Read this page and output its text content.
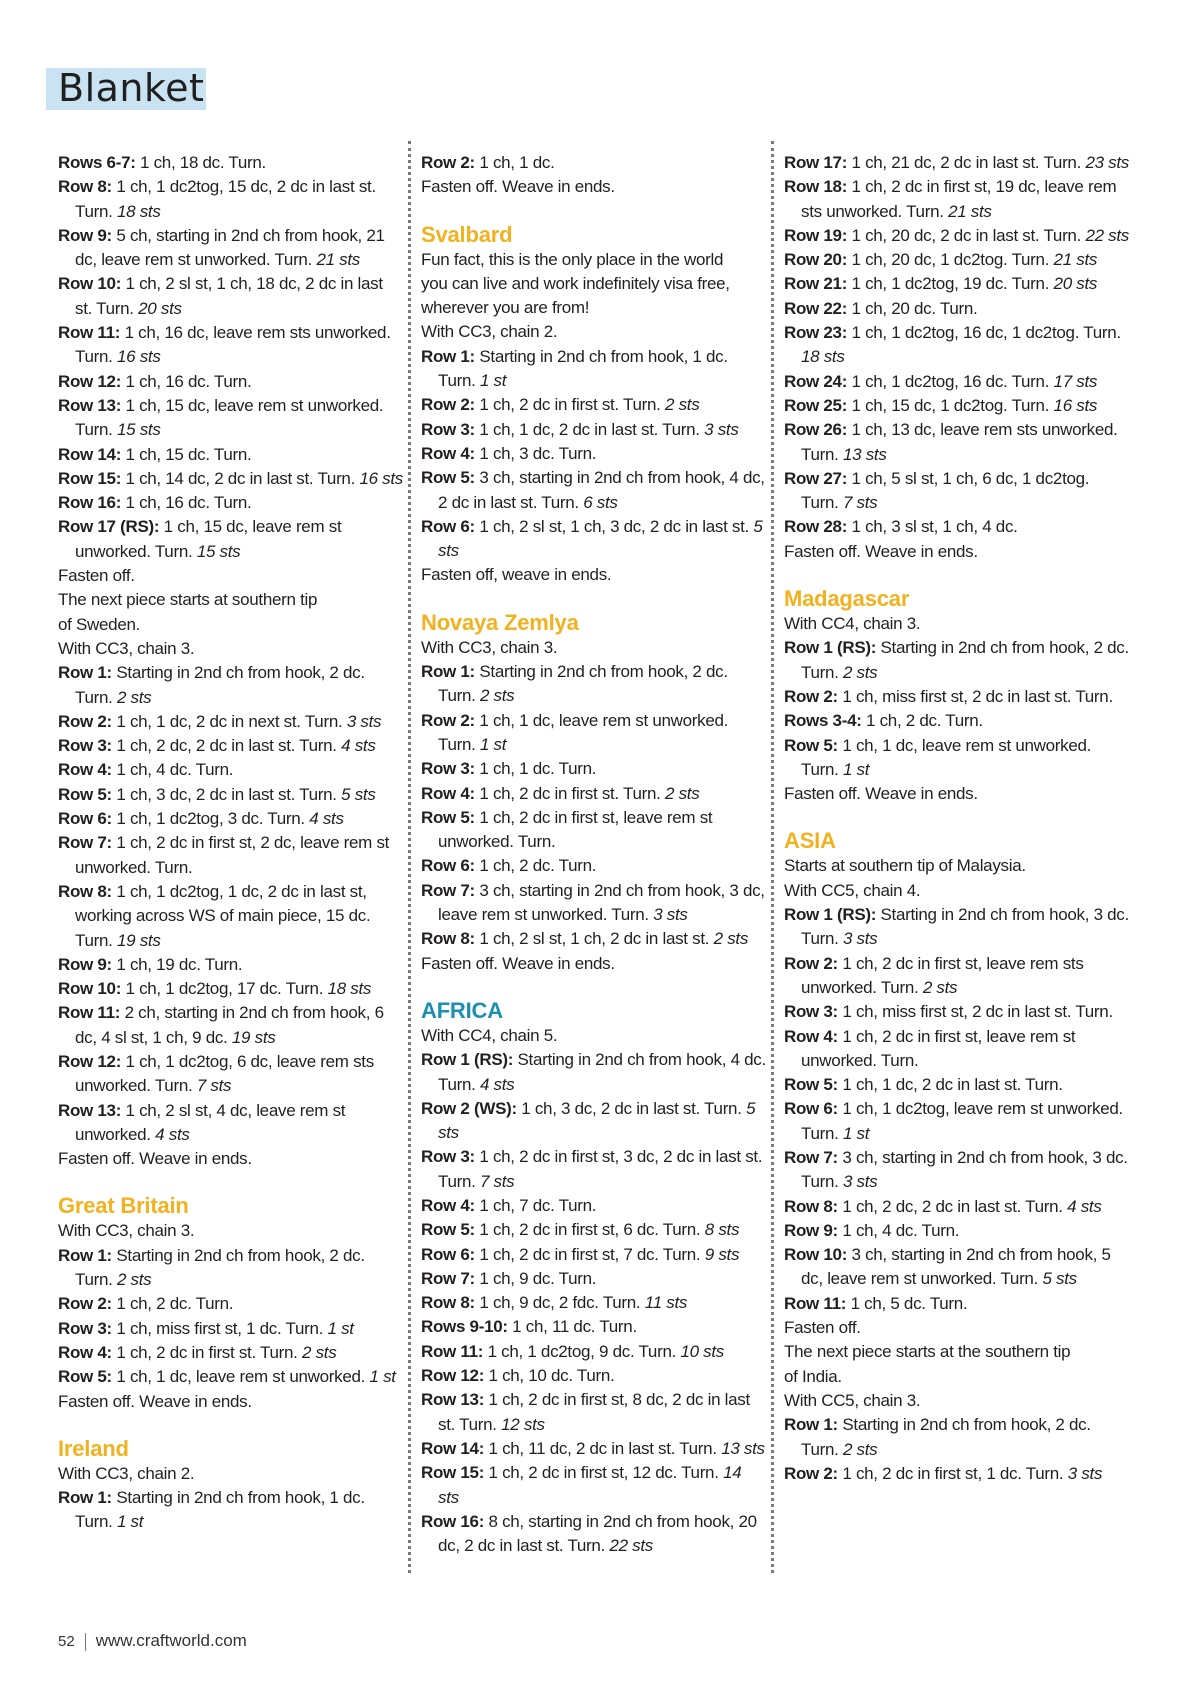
Blanket
Rows 6-7: 1 ch, 18 dc. Turn.
Row 8: 1 ch, 1 dc2tog, 15 dc, 2 dc in last st. Turn. 18 sts
Row 9: 5 ch, starting in 2nd ch from hook, 21 dc, leave rem st unworked. Turn. 21 sts
Row 10: 1 ch, 2 sl st, 1 ch, 18 dc, 2 dc in last st. Turn. 20 sts
Row 11: 1 ch, 16 dc, leave rem sts unworked. Turn. 16 sts
Row 12: 1 ch, 16 dc. Turn.
Row 13: 1 ch, 15 dc, leave rem st unworked. Turn. 15 sts
Row 14: 1 ch, 15 dc. Turn.
Row 15: 1 ch, 14 dc, 2 dc in last st. Turn. 16 sts
Row 16: 1 ch, 16 dc. Turn.
Row 17 (RS): 1 ch, 15 dc, leave rem st unworked. Turn. 15 sts
Fasten off.
The next piece starts at southern tip
of Sweden.
With CC3, chain 3.
Row 1: Starting in 2nd ch from hook, 2 dc. Turn. 2 sts
Row 2: 1 ch, 1 dc, 2 dc in next st. Turn. 3 sts
Row 3: 1 ch, 2 dc, 2 dc in last st. Turn. 4 sts
Row 4: 1 ch, 4 dc. Turn.
Row 5: 1 ch, 3 dc, 2 dc in last st. Turn. 5 sts
Row 6: 1 ch, 1 dc2tog, 3 dc. Turn. 4 sts
Row 7: 1 ch, 2 dc in first st, 2 dc, leave rem st unworked. Turn.
Row 8: 1 ch, 1 dc2tog, 1 dc, 2 dc in last st, working across WS of main piece, 15 dc. Turn. 19 sts
Row 9: 1 ch, 19 dc. Turn.
Row 10: 1 ch, 1 dc2tog, 17 dc. Turn. 18 sts
Row 11: 2 ch, starting in 2nd ch from hook, 6 dc, 4 sl st, 1 ch, 9 dc. 19 sts
Row 12: 1 ch, 1 dc2tog, 6 dc, leave rem sts unworked. Turn. 7 sts
Row 13: 1 ch, 2 sl st, 4 dc, leave rem st unworked. 4 sts
Fasten off. Weave in ends.
Great Britain
With CC3, chain 3.
Row 1: Starting in 2nd ch from hook, 2 dc. Turn. 2 sts
Row 2: 1 ch, 2 dc. Turn.
Row 3: 1 ch, miss first st, 1 dc. Turn. 1 st
Row 4: 1 ch, 2 dc in first st. Turn. 2 sts
Row 5: 1 ch, 1 dc, leave rem st unworked. 1 st
Fasten off. Weave in ends.
Ireland
With CC3, chain 2.
Row 1: Starting in 2nd ch from hook, 1 dc. Turn. 1 st
Row 2: 1 ch, 1 dc.
Fasten off. Weave in ends.
Svalbard
Fun fact, this is the only place in the world
you can live and work indefinitely visa free,
wherever you are from!
With CC3, chain 2.
Row 1: Starting in 2nd ch from hook, 1 dc. Turn. 1 st
Row 2: 1 ch, 2 dc in first st. Turn. 2 sts
Row 3: 1 ch, 1 dc, 2 dc in last st. Turn. 3 sts
Row 4: 1 ch, 3 dc. Turn.
Row 5: 3 ch, starting in 2nd ch from hook, 4 dc, 2 dc in last st. Turn. 6 sts
Row 6: 1 ch, 2 sl st, 1 ch, 3 dc, 2 dc in last st. 5 sts
Fasten off, weave in ends.
Novaya Zemlya
With CC3, chain 3.
Row 1: Starting in 2nd ch from hook, 2 dc. Turn. 2 sts
Row 2: 1 ch, 1 dc, leave rem st unworked. Turn. 1 st
Row 3: 1 ch, 1 dc. Turn.
Row 4: 1 ch, 2 dc in first st. Turn. 2 sts
Row 5: 1 ch, 2 dc in first st, leave rem st unworked. Turn.
Row 6: 1 ch, 2 dc. Turn.
Row 7: 3 ch, starting in 2nd ch from hook, 3 dc, leave rem st unworked. Turn. 3 sts
Row 8: 1 ch, 2 sl st, 1 ch, 2 dc in last st. 2 sts
Fasten off. Weave in ends.
AFRICA
With CC4, chain 5.
Row 1 (RS): Starting in 2nd ch from hook, 4 dc. Turn. 4 sts
Row 2 (WS): 1 ch, 3 dc, 2 dc in last st. Turn. 5 sts
Row 3: 1 ch, 2 dc in first st, 3 dc, 2 dc in last st. Turn. 7 sts
Row 4: 1 ch, 7 dc. Turn.
Row 5: 1 ch, 2 dc in first st, 6 dc. Turn. 8 sts
Row 6: 1 ch, 2 dc in first st, 7 dc. Turn. 9 sts
Row 7: 1 ch, 9 dc. Turn.
Row 8: 1 ch, 9 dc, 2 fdc. Turn. 11 sts
Rows 9-10: 1 ch, 11 dc. Turn.
Row 11: 1 ch, 1 dc2tog, 9 dc. Turn. 10 sts
Row 12: 1 ch, 10 dc. Turn.
Row 13: 1 ch, 2 dc in first st, 8 dc, 2 dc in last st. Turn. 12 sts
Row 14: 1 ch, 11 dc, 2 dc in last st. Turn. 13 sts
Row 15: 1 ch, 2 dc in first st, 12 dc. Turn. 14 sts
Row 16: 8 ch, starting in 2nd ch from hook, 20 dc, 2 dc in last st. Turn. 22 sts
Row 17: 1 ch, 21 dc, 2 dc in last st. Turn. 23 sts
Row 18: 1 ch, 2 dc in first st, 19 dc, leave rem sts unworked. Turn. 21 sts
Row 19: 1 ch, 20 dc, 2 dc in last st. Turn. 22 sts
Row 20: 1 ch, 20 dc, 1 dc2tog. Turn. 21 sts
Row 21: 1 ch, 1 dc2tog, 19 dc. Turn. 20 sts
Row 22: 1 ch, 20 dc. Turn.
Row 23: 1 ch, 1 dc2tog, 16 dc, 1 dc2tog. Turn. 18 sts
Row 24: 1 ch, 1 dc2tog, 16 dc. Turn. 17 sts
Row 25: 1 ch, 15 dc, 1 dc2tog. Turn. 16 sts
Row 26: 1 ch, 13 dc, leave rem sts unworked. Turn. 13 sts
Row 27: 1 ch, 5 sl st, 1 ch, 6 dc, 1 dc2tog. Turn. 7 sts
Row 28: 1 ch, 3 sl st, 1 ch, 4 dc.
Fasten off. Weave in ends.
Madagascar
With CC4, chain 3.
Row 1 (RS): Starting in 2nd ch from hook, 2 dc. Turn. 2 sts
Row 2: 1 ch, miss first st, 2 dc in last st. Turn.
Rows 3-4: 1 ch, 2 dc. Turn.
Row 5: 1 ch, 1 dc, leave rem st unworked. Turn. 1 st
Fasten off. Weave in ends.
ASIA
Starts at southern tip of Malaysia.
With CC5, chain 4.
Row 1 (RS): Starting in 2nd ch from hook, 3 dc. Turn. 3 sts
Row 2: 1 ch, 2 dc in first st, leave rem sts unworked. Turn. 2 sts
Row 3: 1 ch, miss first st, 2 dc in last st. Turn.
Row 4: 1 ch, 2 dc in first st, leave rem st unworked. Turn.
Row 5: 1 ch, 1 dc, 2 dc in last st. Turn.
Row 6: 1 ch, 1 dc2tog, leave rem st unworked. Turn. 1 st
Row 7: 3 ch, starting in 2nd ch from hook, 3 dc. Turn. 3 sts
Row 8: 1 ch, 2 dc, 2 dc in last st. Turn. 4 sts
Row 9: 1 ch, 4 dc. Turn.
Row 10: 3 ch, starting in 2nd ch from hook, 5 dc, leave rem st unworked. Turn. 5 sts
Row 11: 1 ch, 5 dc. Turn.
Fasten off.
The next piece starts at the southern tip
of India.
With CC5, chain 3.
Row 1: Starting in 2nd ch from hook, 2 dc. Turn. 2 sts
Row 2: 1 ch, 2 dc in first st, 1 dc. Turn. 3 sts
52 www.craftworld.com
